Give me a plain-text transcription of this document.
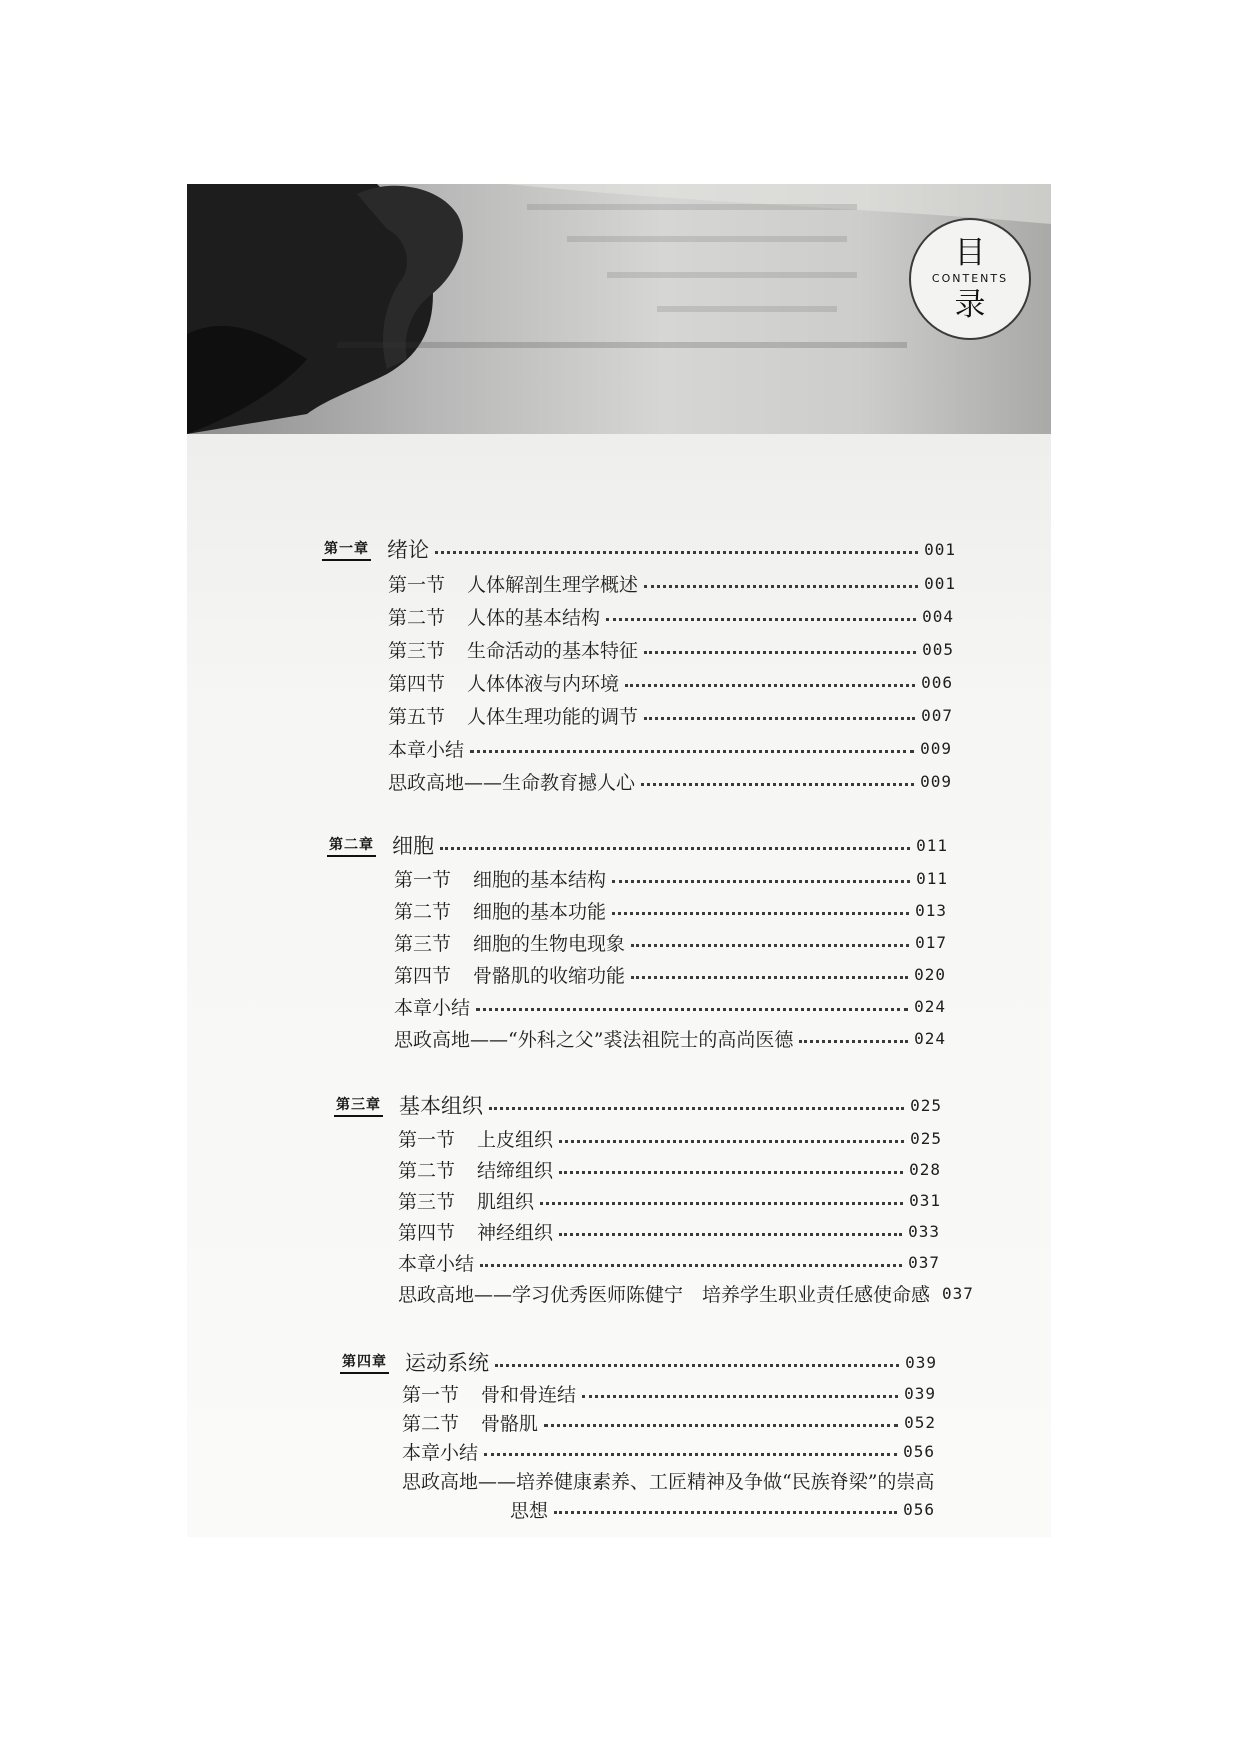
目
CONTENTS
录
第一章 绪论	001
第一节 人体解剖生理学概述	001
第二节 人体的基本结构	004
第三节 生命活动的基本特征	005
第四节 人体体液与内环境	006
第五节 人体生理功能的调节	007
本章小结	009
思政高地——生命教育撼人心	009
第二章 细胞	011
第一节 细胞的基本结构	011
第二节 细胞的基本功能	013
第三节 细胞的生物电现象	017
第四节 骨骼肌的收缩功能	020
本章小结	024
思政高地——“外科之父”裘法祖院士的高尚医德	024
第三章 基本组织	025
第一节 上皮组织	025
第二节 结缔组织	028
第三节 肌组织	031
第四节 神经组织	033
本章小结	037
思政高地——学习优秀医师陈健宁　培养学生职业责任感使命感 037
第四章 运动系统	039
第一节 骨和骨连结	039
第二节 骨骼肌	052
本章小结	056
思政高地——培养健康素养、工匠精神及争做“民族脊梁”的崇高
思想	056
